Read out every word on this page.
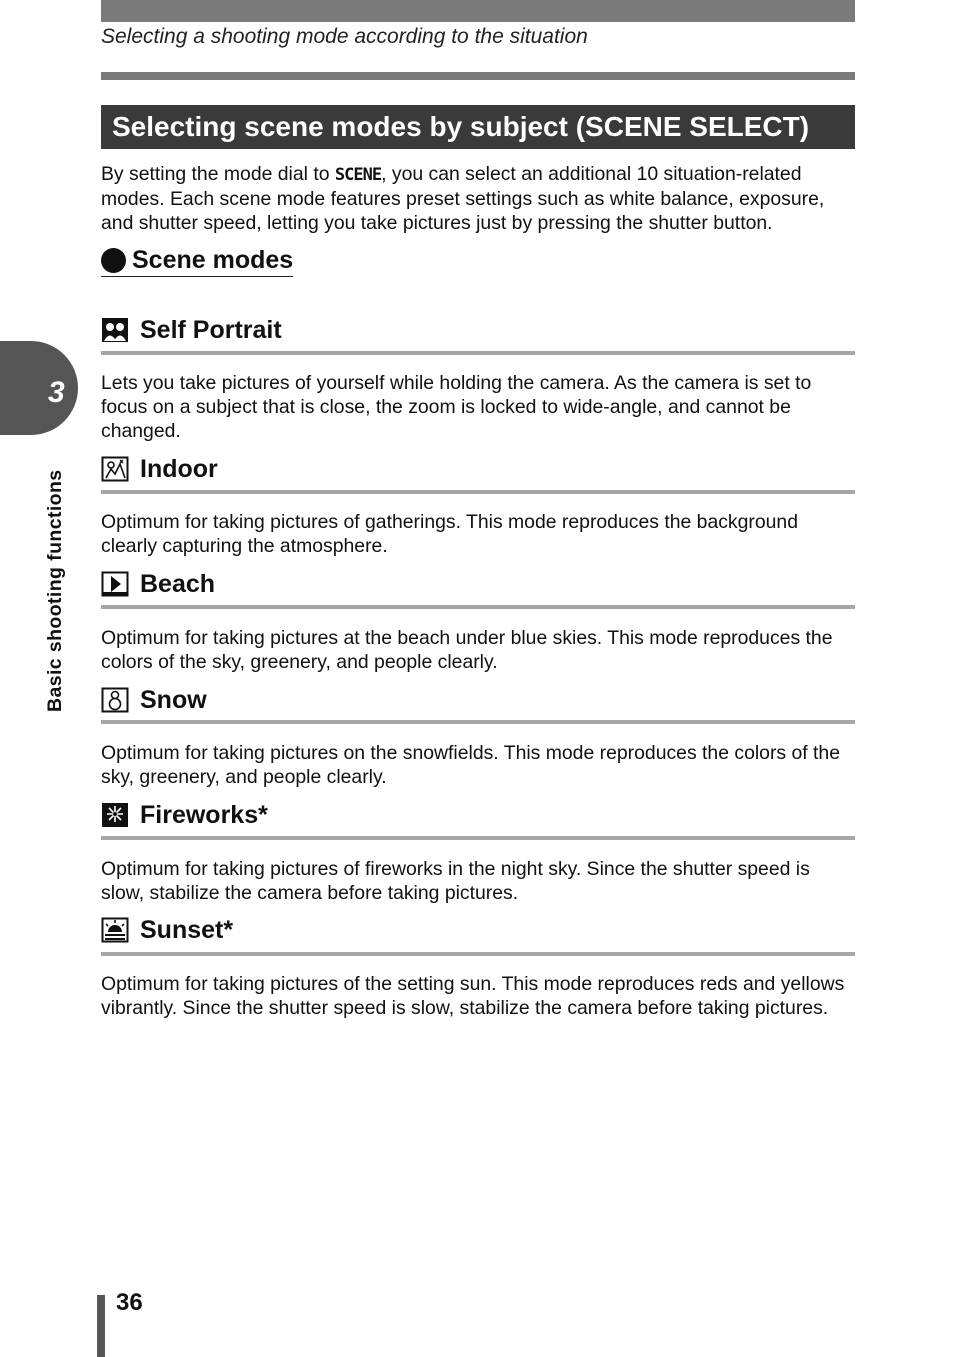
Selecting a shooting mode according to the situation
Selecting scene modes by subject (SCENE SELECT)
By setting the mode dial to SCENE, you can select an additional 10 situation-related modes. Each scene mode features preset settings such as white balance, exposure, and shutter speed, letting you take pictures just by pressing the shutter button.
Scene modes
3
Basic shooting functions
Self Portrait
Lets you take pictures of yourself while holding the camera. As the camera is set to focus on a subject that is close, the zoom is locked to wide-angle, and cannot be changed.
Indoor
Optimum for taking pictures of gatherings. This mode reproduces the background clearly capturing the atmosphere.
Beach
Optimum for taking pictures at the beach under blue skies. This mode reproduces the colors of the sky, greenery, and people clearly.
Snow
Optimum for taking pictures on the snowfields. This mode reproduces the colors of the sky, greenery, and people clearly.
Fireworks*
Optimum for taking pictures of fireworks in the night sky. Since the shutter speed is slow, stabilize the camera before taking pictures.
Sunset*
Optimum for taking pictures of the setting sun. This mode reproduces reds and yellows vibrantly. Since the shutter speed is slow, stabilize the camera before taking pictures.
36
